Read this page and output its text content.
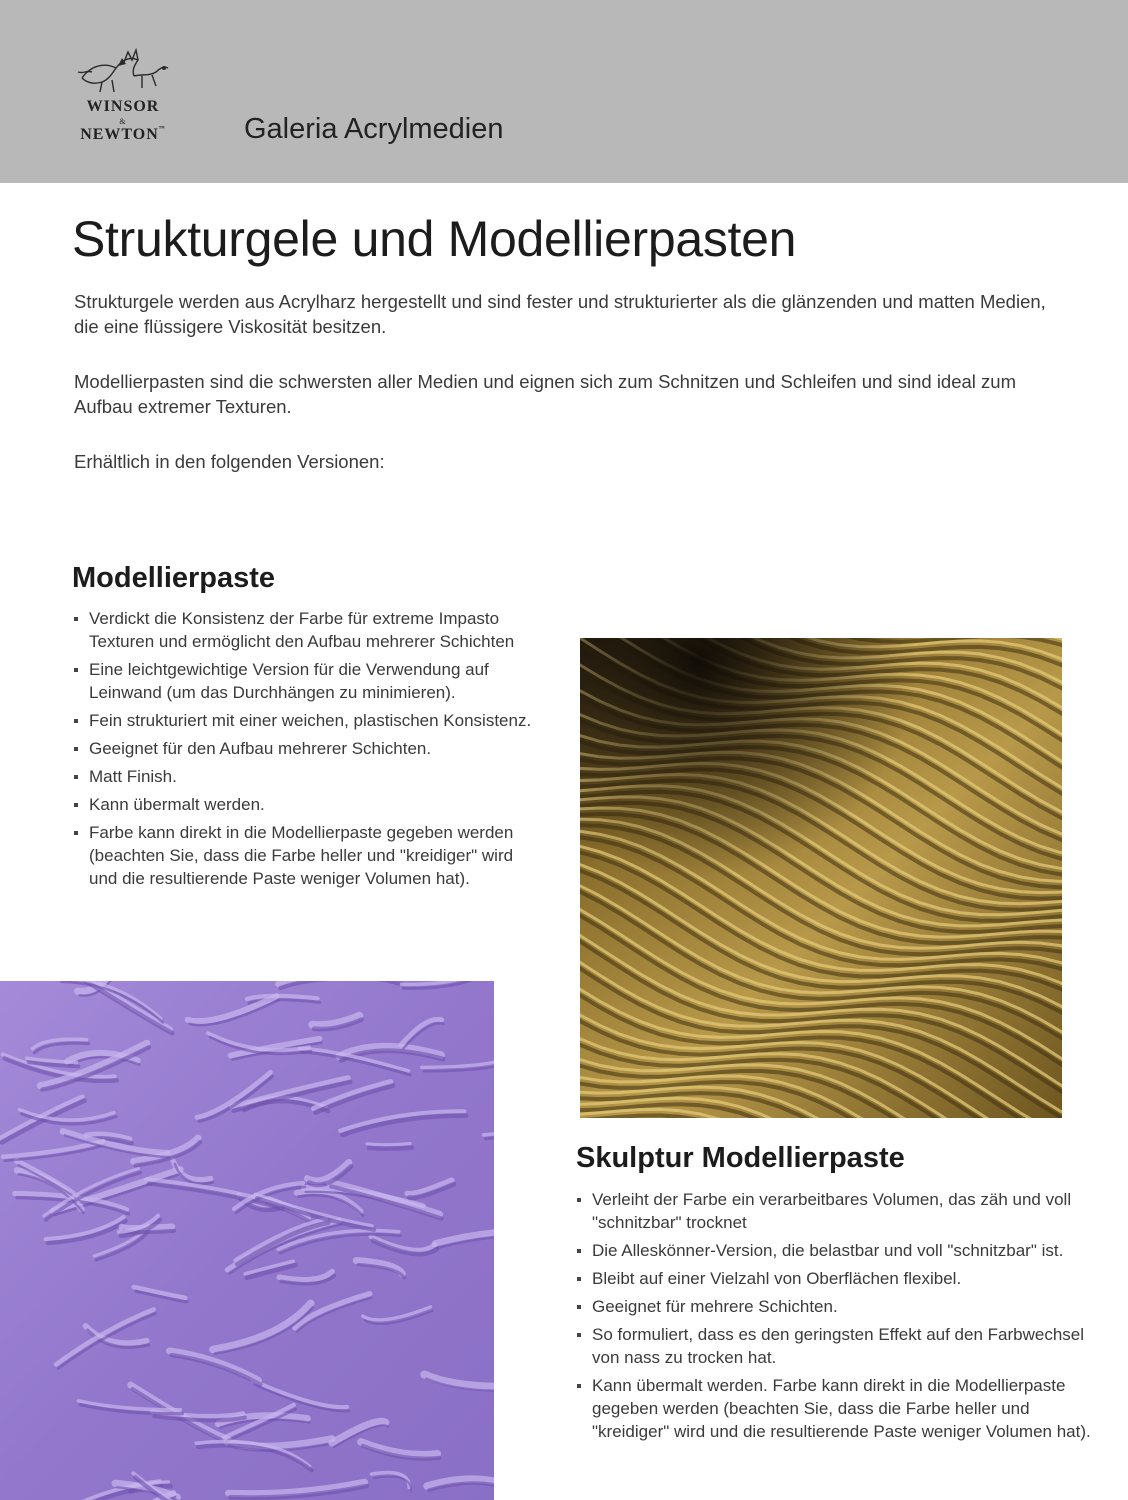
WINSOR
&
NEWTON™	Galeria Acrylmedien
Strukturgele und Modellierpasten

Strukturgele werden aus Acrylharz hergestellt und sind fester und strukturierter als die glänzenden und matten Medien, die eine flüssigere Viskosität besitzen.

Modellierpasten sind die schwersten aller Medien und eignen sich zum Schnitzen und Schleifen und sind ideal zum Aufbau extremer Texturen.

Erhältlich in den folgenden Versionen:

Modellierpaste
Verdickt die Konsistenz der Farbe für extreme Impasto Texturen und ermöglicht den Aufbau mehrerer Schichten
Eine leichtgewichtige Version für die Verwendung auf Leinwand (um das Durchhängen zu minimieren).
Fein strukturiert mit einer weichen, plastischen Konsistenz.
Geeignet für den Aufbau mehrerer Schichten.
Matt Finish.
Kann übermalt werden.
Farbe kann direkt in die Modellierpaste gegeben werden (beachten Sie, dass die Farbe heller und "kreidiger" wird und die resultierende Paste weniger Volumen hat).
Skulptur Modellierpaste
Verleiht der Farbe ein verarbeitbares Volumen, das zäh und voll "schnitzbar" trocknet
Die Alleskönner-Version, die belastbar und voll "schnitzbar" ist.
Bleibt auf einer Vielzahl von Oberflächen flexibel.
Geeignet für mehrere Schichten.
So formuliert, dass es den geringsten Effekt auf den Farbwechsel von nass zu trocken hat.
Kann übermalt werden. Farbe kann direkt in die Modellierpaste gegeben werden (beachten Sie, dass die Farbe heller und "kreidiger" wird und die resultierende Paste weniger Volumen hat).
